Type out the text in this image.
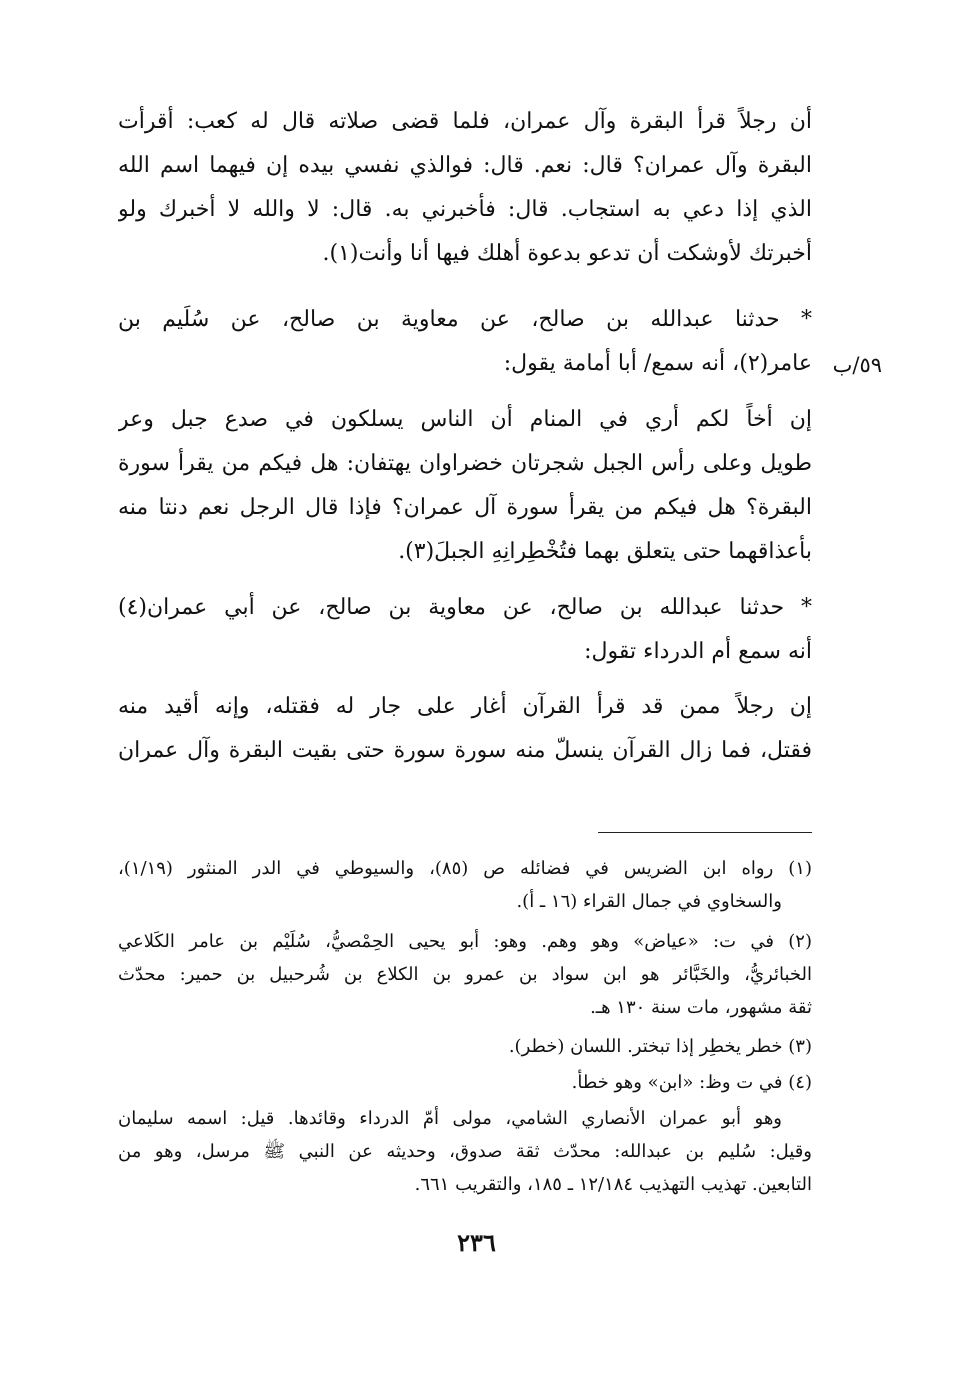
أن رجلاً قرأ البقرة وآل عمران، فلما قضى صلاته قال له كعب: أقرأت
البقرة وآل عمران؟ قال: نعم. قال: فوالذي نفسي بيده إن فيهما اسم الله
الذي إذا دعي به استجاب. قال: فأخبرني به. قال: لا والله لا أخبرك ولو
أخبرتك لأوشكت أن تدعو بدعوة أهلك فيها أنا وأنت(١).
* حدثنا عبدالله بن صالح، عن معاوية بن صالح، عن سُلَيم بن
عامر(٢)، أنه سمع/ أبا أمامة يقول: ٥٩/ب
إن أخاً لكم أري في المنام أن الناس يسلكون في صدع جبل وعر
طويل وعلى رأس الجبل شجرتان خضراوان يهتفان: هل فيكم من يقرأ سورة
البقرة؟ هل فيكم من يقرأ سورة آل عمران؟ فإذا قال الرجل نعم دنتا منه
بأعذاقهما حتى يتعلق بهما فتُخْطِرانِهِ الجبلَ(٣).
* حدثنا عبدالله بن صالح، عن معاوية بن صالح، عن أبي عمران(٤)
أنه سمع أم الدرداء تقول:
إن رجلاً ممن قد قرأ القرآن أغار على جار له فقتله، وإنه أقيد منه
فقتل، فما زال القرآن ينسلّ منه سورة سورة حتى بقيت البقرة وآل عمران
(١) رواه ابن الضريس في فضائله ص (٨٥)، والسيوطي في الدر المنثور (١/١٩)،
والسخاوي في جمال القراء (١٦ ـ أ).
(٢) في ت: «عياض» وهو وهم. وهو: أبو يحيى الحِمْصيُّ، سُلَيْم بن عامر الكَلاعي
الخبائريُّ، والخَبَّائر هو ابن سواد بن عمرو بن الكلاع بن شُرحبيل بن حمير: محدّث
ثقة مشهور، مات سنة ١٣٠ هـ.
(٣) خطر يخطِر إذا تبختر. اللسان (خطر).
(٤) في ت وظ: «ابن» وهو خطأ.
وهو أبو عمران الأنصاري الشامي، مولى أمّ الدرداء وقائدها. قيل: اسمه سليمان
وقيل: سُليم بن عبدالله: محدّث ثقة صدوق، وحديثه عن النبي ﷺ مرسل، وهو من
التابعين. تهذيب التهذيب ١٢/١٨٤ ـ ١٨٥، والتقريب ٦٦١.
٢٣٦
